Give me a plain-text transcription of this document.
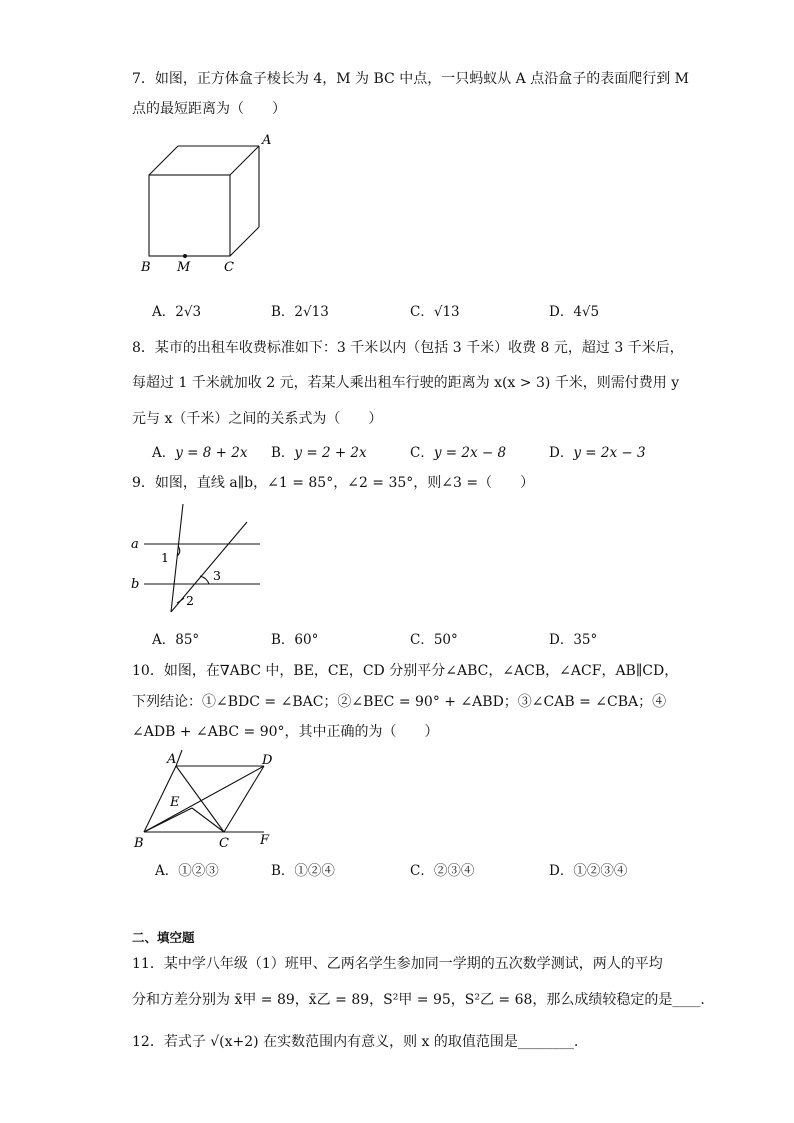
7．如图，正方体盒子棱长为 4，M 为 BC 中点，一只蚂蚁从 A 点沿盒子的表面爬行到 M
点的最短距离为（　　）
A
B M	C
A．2√3	B．2√13	C．√13	D．4√5
8．某市的出租车收费标准如下：3 千米以内（包括 3 千米）收费 8 元，超过 3 千米后，
每超过 1 千米就加收 2 元，若某人乘出租车行驶的距离为 x(x > 3) 千米，则需付费用 y
元与 x（千米）之间的关系式为（　　）
A．y = 8 + 2x B．y = 2 + 2x	C．y = 2x − 8	D．y = 2x − 3
9．如图，直线 a∥b，∠1 = 85°，∠2 = 35°，则∠3 =（　　）
a
b
1
2
3
A．85°	B．60°	C．50°	D．35°
10．如图，在∇ABC 中，BE，CE，CD 分别平分∠ABC，∠ACB，∠ACF，AB∥CD，
下列结论：①∠BDC = ∠BAC；②∠BEC = 90° + ∠ABD；③∠CAB = ∠CBA；④
∠ADB + ∠ABC = 90°，其中正确的为（　　）
A	D
E
B	C F
A．①②③	B．①②④	C．②③④	D．①②③④
二、填空题
11．某中学八年级（1）班甲、乙两名学生参加同一学期的五次数学测试，两人的平均
分和方差分别为 x̄甲 = 89，x̄乙 = 89，S²甲 = 95，S²乙 = 68，那么成绩较稳定的是____.
12．若式子 √(x+2) 在实数范围内有意义，则 x 的取值范围是________.
